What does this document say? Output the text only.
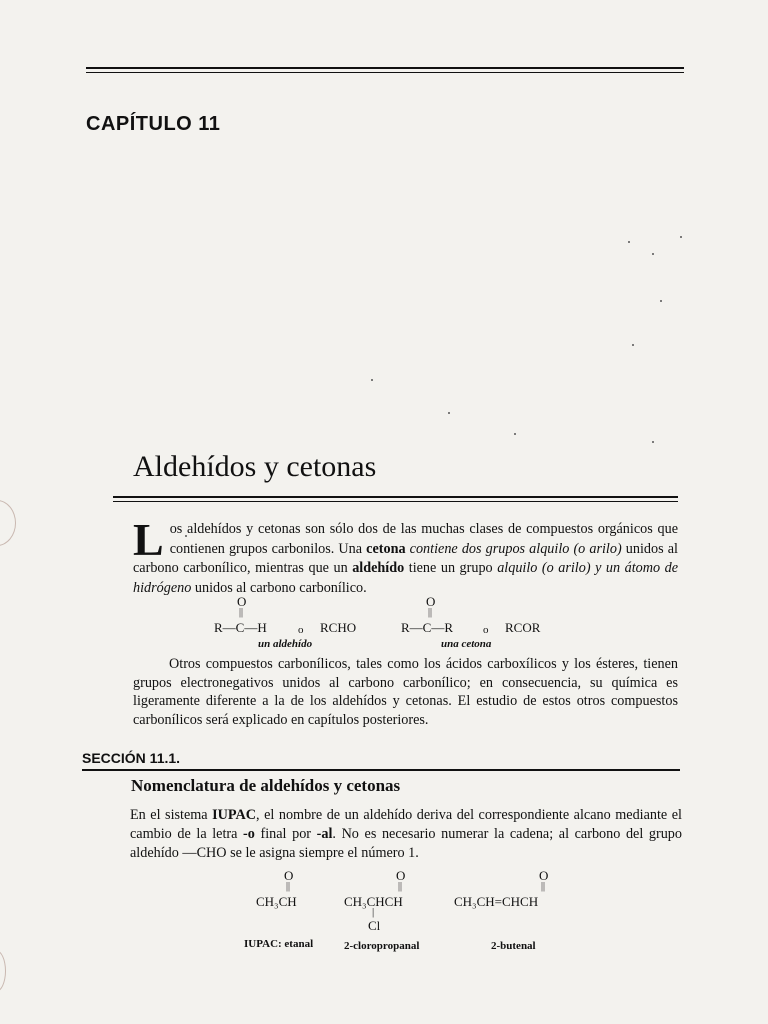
CAPÍTULO 11
Aldehídos y cetonas
Los aldehídos y cetonas son sólo dos de las muchas clases de compuestos orgánicos que contienen grupos carbonilos. Una cetona contiene dos grupos alquilo (o arilo) unidos al carbono carbonílico, mientras que un aldehído tiene un grupo alquilo (o arilo) y un átomo de hidrógeno unidos al carbono carbonílico.
O
||
R—C—H	o RCHO
un aldehído
O
||
R—C—R	o RCOR
una cetona
Otros compuestos carbonílicos, tales como los ácidos carboxílicos y los ésteres, tienen grupos electronegativos unidos al carbono carbonílico; en consecuencia, su química es ligeramente diferente a la de los aldehídos y cetonas. El estudio de estos otros compuestos carbonílicos será explicado en capítulos posteriores.
SECCIÓN 11.1.
Nomenclatura de aldehídos y cetonas
En el sistema IUPAC, el nombre de un aldehído deriva del correspondiente alcano mediante el cambio de la letra -o final por -al. No es necesario numerar la cadena; al carbono del grupo aldehído —CHO se le asigna siempre el número 1.
O
||
CH₃CH
IUPAC: etanal
O
||
CH₃CHCH
|
Cl
2-cloropropanal
O
||
CH₃CH=CHCH
2-butenal
